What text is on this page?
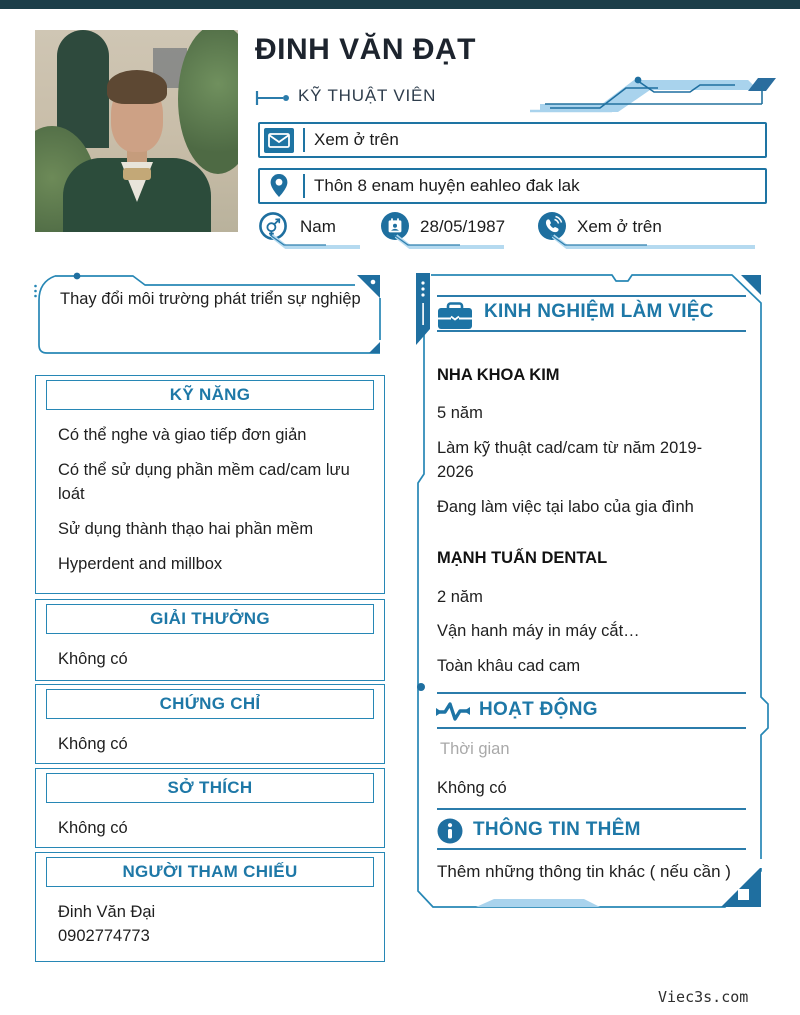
ĐINH VĂN ĐẠT
KỸ THUẬT VIÊN
Xem ở trên
Thôn 8 enam huyện eahleo đak lak
Nam	28/05/1987	Xem ở trên
Thay đổi môi trường phát triển sự nghiệp
KỸ NĂNG
Có thể nghe và giao tiếp đơn giản
Có thể sử dụng phần mềm cad/cam lưu loát
Sử dụng thành thạo hai phần mềm
Hyperdent and millbox
GIẢI THƯỞNG
Không có
CHỨNG CHỈ
Không có
SỞ THÍCH
Không có
NGƯỜI THAM CHIẾU
Đinh Văn Đại
0902774773
KINH NGHIỆM LÀM VIỆC
NHA KHOA KIM
5 năm
Làm kỹ thuật cad/cam từ năm 2019-2026
Đang làm việc tại labo của gia đình
MẠNH TUẤN DENTAL
2 năm
Vận hanh máy in máy cắt…
Toàn khâu cad cam
HOẠT ĐỘNG
Thời gian
Không có
THÔNG TIN THÊM
Thêm những thông tin khác ( nếu cần )
Viec3s.com
